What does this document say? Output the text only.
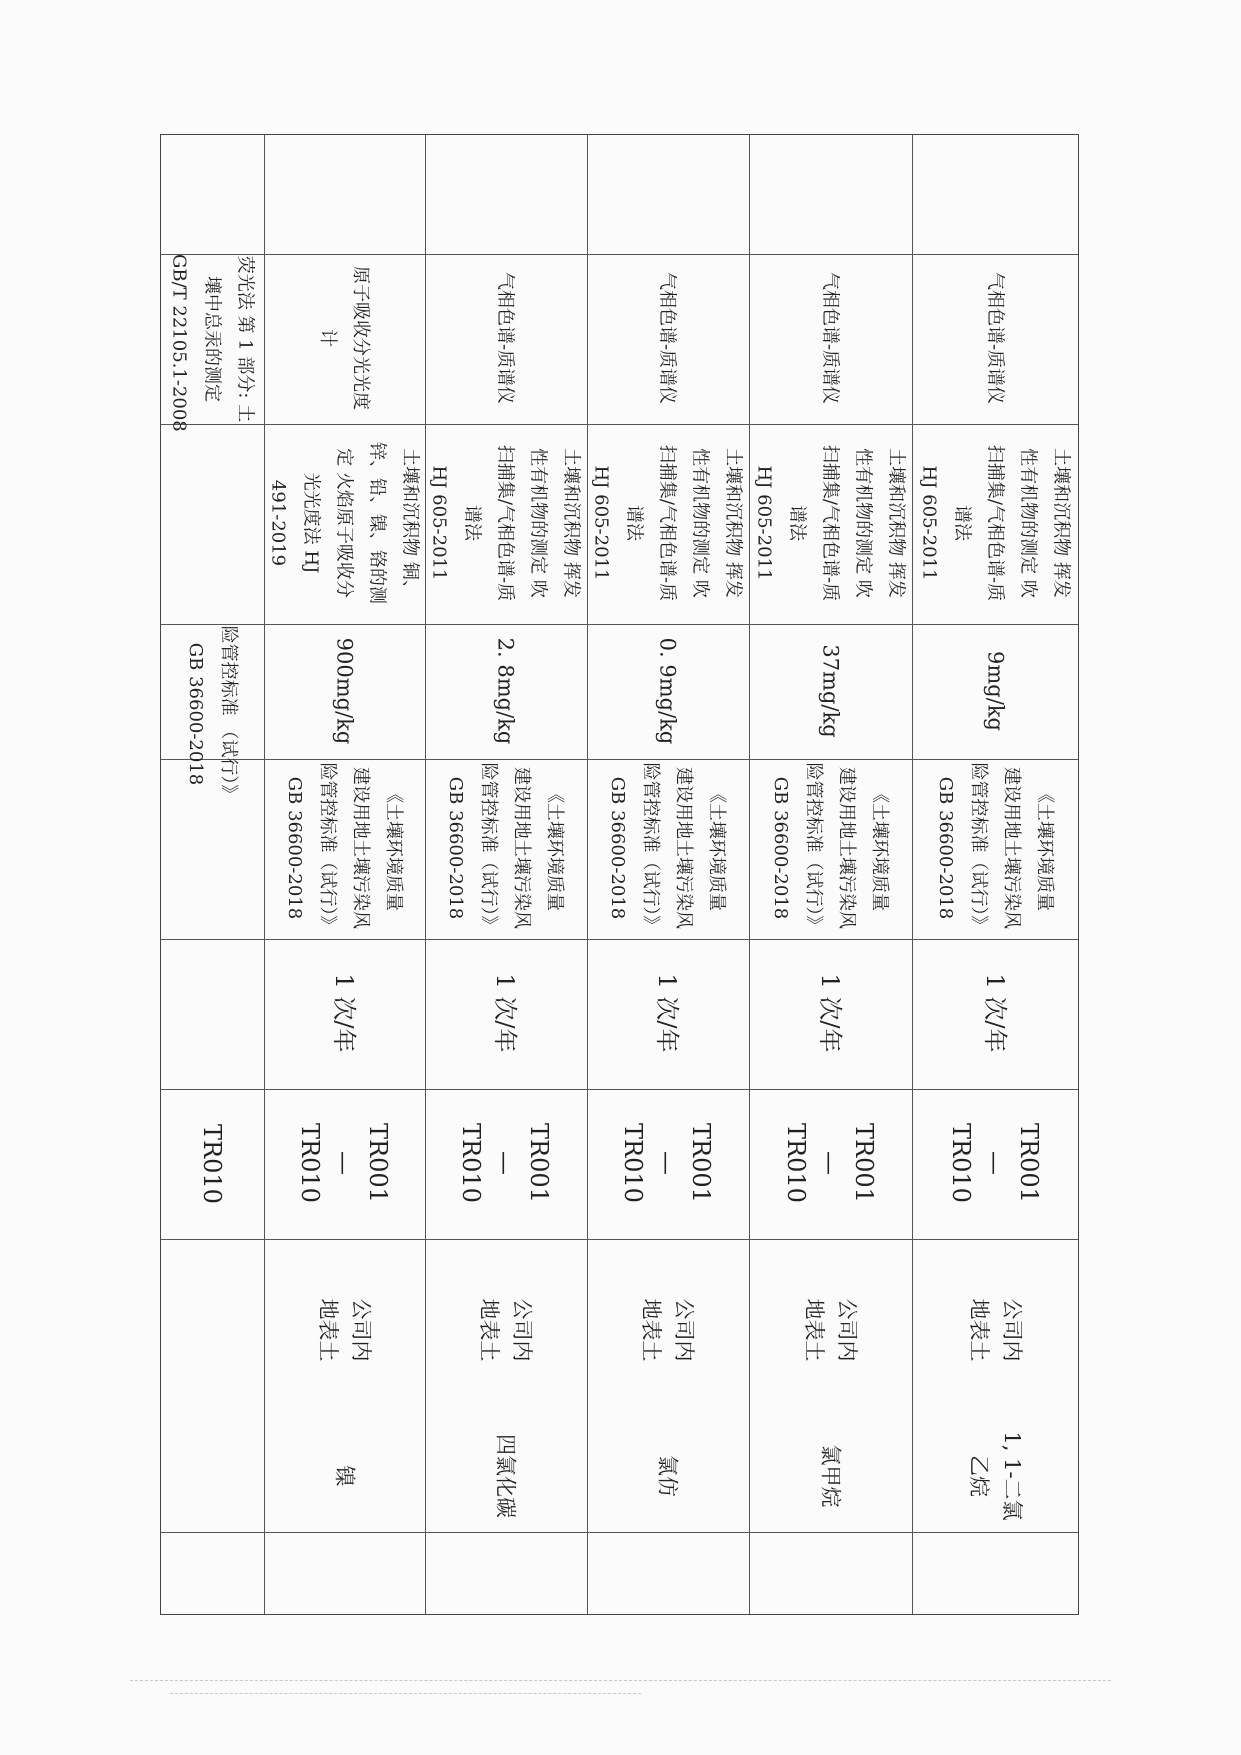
荧光法 第 1 部分: 土
壤中总汞的测定
GB/T 22105.1-2008
险管控标准 （试行）》
GB 36600-2018
TR010
原子吸收分光光度
计
土壤和沉积物 铜、
锌、铅、镍、铬的测
定 火焰原子吸收分
光光度法 HJ
491-2019
900mg/kg
《土壤环境质量
建设用地土壤污染风
险管控标准（试行）》
GB 36600-2018
1 次/年
TR001
—
TR010
公司内
地表土
镍
气相色谱-质谱仪
土壤和沉积物 挥发
性有机物的测定 吹
扫捕集/气相色谱-质
谱法
HJ 605-2011
2. 8mg/kg
《土壤环境质量
建设用地土壤污染风
险管控标准（试行）》
GB 36600-2018
1 次/年
TR001
—
TR010
公司内
地表土
四氯化碳
气相色谱-质谱仪
土壤和沉积物 挥发
性有机物的测定 吹
扫捕集/气相色谱-质
谱法
HJ 605-2011
0. 9mg/kg
《土壤环境质量
建设用地土壤污染风
险管控标准（试行）》
GB 36600-2018
1 次/年
TR001
—
TR010
公司内
地表土
氯仿
气相色谱-质谱仪
土壤和沉积物 挥发
性有机物的测定 吹
扫捕集/气相色谱-质
谱法
HJ 605-2011
37mg/kg
《土壤环境质量
建设用地土壤污染风
险管控标准（试行）》
GB 36600-2018
1 次/年
TR001
—
TR010
公司内
地表土
氯甲烷
气相色谱-质谱仪
土壤和沉积物 挥发
性有机物的测定 吹
扫捕集/气相色谱-质
谱法
HJ 605-2011
9mg/kg
《土壤环境质量
建设用地土壤污染风
险管控标准（试行）》
GB 36600-2018
1 次/年
TR001
—
TR010
公司内
地表土
1, 1-二氯
乙烷
